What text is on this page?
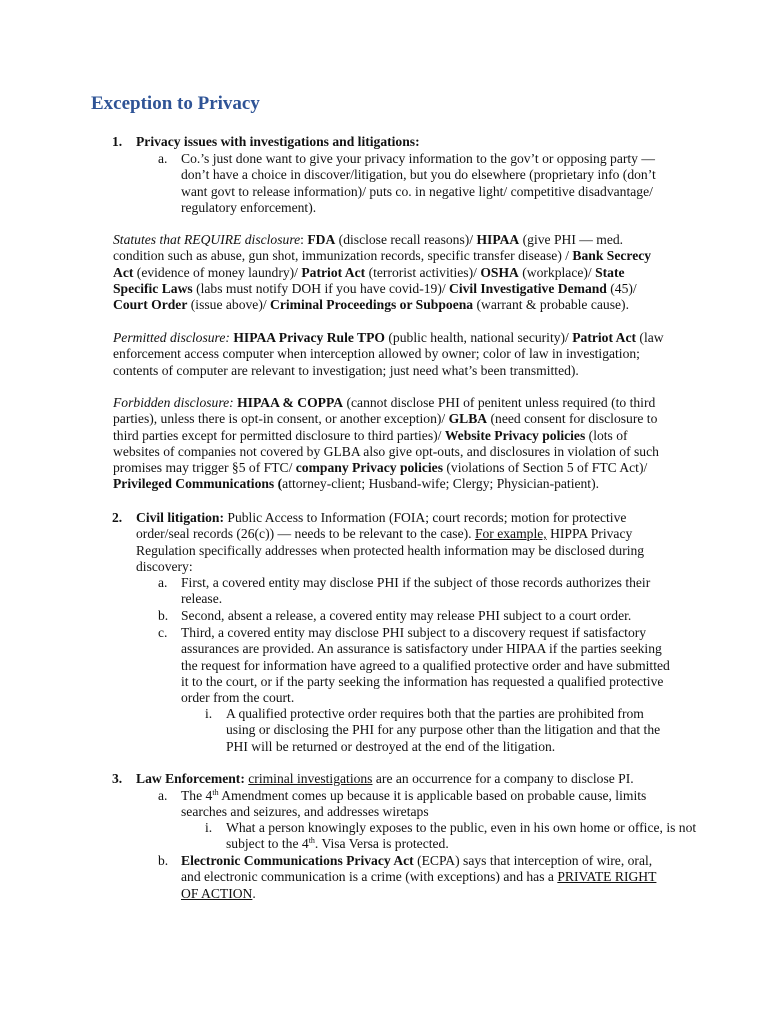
Exception to Privacy
1. Privacy issues with investigations and litigations:

a. Co.’s just done want to give your privacy information to the gov’t or opposing party — don’t have a choice in discover/litigation, but you do elsewhere (proprietary info (don’t want govt to release information)/ puts co. in negative light/ competitive disadvantage/ regulatory enforcement).

Statutes that REQUIRE disclosure: FDA (disclose recall reasons)/ HIPAA (give PHI — med. condition such as abuse, gun shot, immunization records, specific transfer disease) / Bank Secrecy Act (evidence of money laundry)/ Patriot Act (terrorist activities)/ OSHA (workplace)/ State Specific Laws (labs must notify DOH if you have covid-19)/ Civil Investigative Demand (45)/ Court Order (issue above)/ Criminal Proceedings or Subpoena (warrant & probable cause).

Permitted disclosure: HIPAA Privacy Rule TPO (public health, national security)/ Patriot Act (law enforcement access computer when interception allowed by owner; color of law in investigation; contents of computer are relevant to investigation; just need what’s been transmitted).

Forbidden disclosure: HIPAA & COPPA (cannot disclose PHI of penitent unless required (to third parties), unless there is opt-in consent, or another exception)/ GLBA (need consent for disclosure to third parties except for permitted disclosure to third parties)/ Website Privacy policies (lots of websites of companies not covered by GLBA also give opt-outs, and disclosures in violation of such promises may trigger §5 of FTC/ company Privacy policies (violations of Section 5 of FTC Act)/ Privileged Communications (attorney-client; Husband-wife; Clergy; Physician-patient).

2. Civil litigation: Public Access to Information (FOIA; court records; motion for protective order/seal records (26(c)) — needs to be relevant to the case). For example, HIPPA Privacy Regulation specifically addresses when protected health information may be disclosed during discovery:

a. First, a covered entity may disclose PHI if the subject of those records authorizes their release.

b. Second, absent a release, a covered entity may release PHI subject to a court order.

c. Third, a covered entity may disclose PHI subject to a discovery request if satisfactory assurances are provided. An assurance is satisfactory under HIPAA if the parties seeking the request for information have agreed to a qualified protective order and have submitted it to the court, or if the party seeking the information has requested a qualified protective order from the court.

i. A qualified protective order requires both that the parties are prohibited from using or disclosing the PHI for any purpose other than the litigation and that the PHI will be returned or destroyed at the end of the litigation.

3. Law Enforcement: criminal investigations are an occurrence for a company to disclose PI.

a. The 4th Amendment comes up because it is applicable based on probable cause, limits searches and seizures, and addresses wiretaps

i. What a person knowingly exposes to the public, even in his own home or office, is not subject to the 4th. Visa Versa is protected.

b. Electronic Communications Privacy Act (ECPA) says that interception of wire, oral, and electronic communication is a crime (with exceptions) and has a PRIVATE RIGHT OF ACTION.
